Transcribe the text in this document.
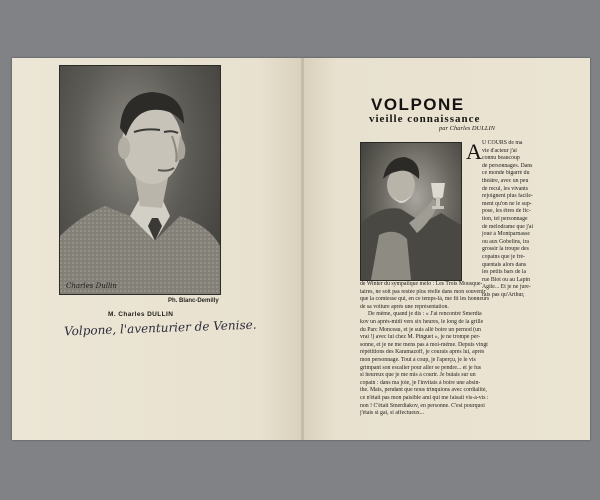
Charles Dullin
Ph. Blanc-Demilly
M. Charles DULLIN
Volpone, l'aventurier de Venise.
VOLPONE
vieille connaissance
par Charles DULLIN
A U COURS de ma
vie d'acteur j'ai
connu beaucoup
de personnages. Dans
ce monde bigarré du
théâtre, avec un peu
de recul, les vivants
rejoignent plus facile-
ment qu'on ne le sup-
pose, les êtres de fic-
tion, tel personnage
de mélodrame que j'ai
joué à Montparnasse
ou aux Gobelins, ira
grossir la troupe des
copains que je fré-
quentais alors dans
les petits bars de la
rue Blot ou au Lapin
Agile... Et je ne jure-
rais pas qu'Arthur,

de Winter du sympatique mélo : Les Trois Mousque-
taires, ne soit pas restée plus réelle dans mon souvenir
que la comtesse qui, en ce temps-là, me fit les honneurs
de sa voiture après une représentation.
De même, quand je dis : « J'ai rencontré Smerdia
kov un après-midi vers six heures, le long de la grille
du Parc Monceau, et je suis allé boire un pernod (un
vrai !) avec lui chez M. Pinguet », je ne trompe per-
sonne, et je ne me mens pas à moi-même. Depuis vingt
répétitions des Karamazoff, je courais après lui, après
mon personnage. Tout à coup, je l'aperçu, je le vis
grimpant son escalier pour aller se pendre... et je fus
si heureux que je me mis à courir. Je butais sur un
copain : dans ma joie, je l'invitais à boire une absin-
the. Mais, pendant que nous trinquions avec cordialité,
ce n'était pas mon paisible ami qui me faisait vis-à-vis :
non ! C'était Smerdiakov, en personne. C'est pourquoi
j'étais si gai, si affectueux...
